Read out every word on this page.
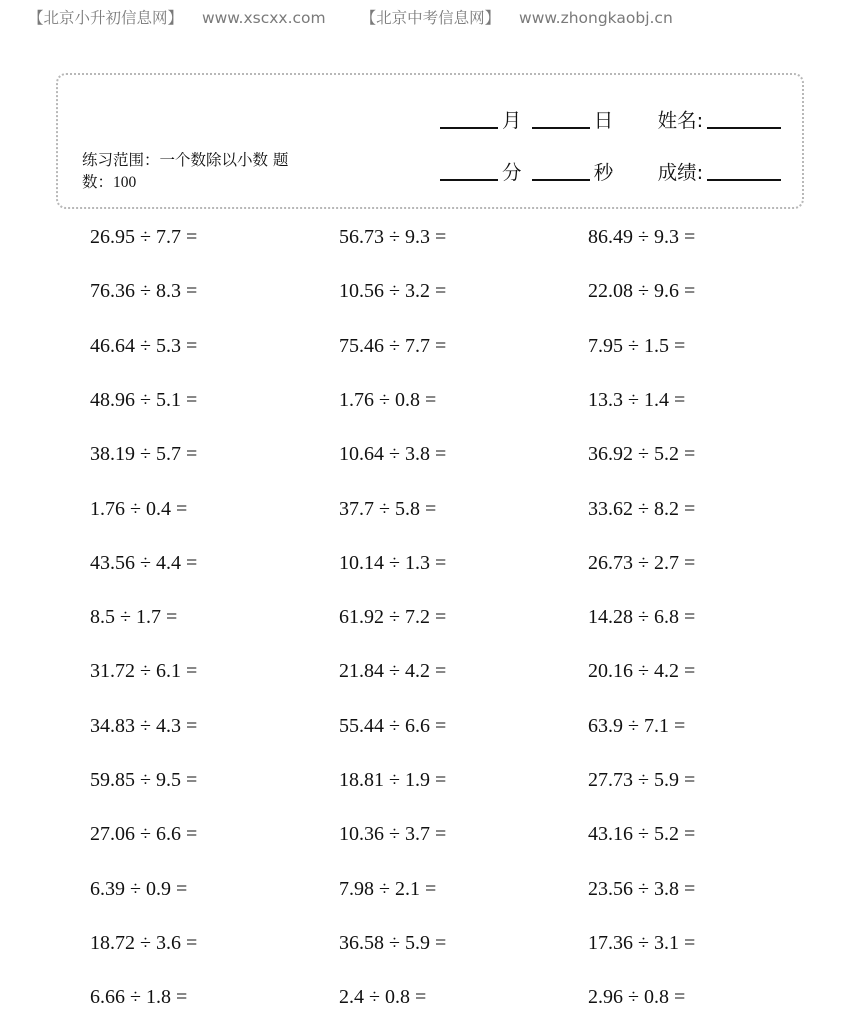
【北京小升初信息网】 www.xscxx.com 【北京中考信息网】 www.zhongkaobj.cn
练习范围：一个数除以小数 题
数：100
月	日 姓名:
分	秒 成绩:
26.95 ÷ 7.7 =	56.73 ÷ 9.3 =	86.49 ÷ 9.3 =
76.36 ÷ 8.3 =	10.56 ÷ 3.2 =	22.08 ÷ 9.6 =
46.64 ÷ 5.3 =	75.46 ÷ 7.7 =	7.95 ÷ 1.5 =
48.96 ÷ 5.1 =	1.76 ÷ 0.8 =	13.3 ÷ 1.4 =
38.19 ÷ 5.7 =	10.64 ÷ 3.8 =	36.92 ÷ 5.2 =
1.76 ÷ 0.4 =	37.7 ÷ 5.8 =	33.62 ÷ 8.2 =
43.56 ÷ 4.4 =	10.14 ÷ 1.3 =	26.73 ÷ 2.7 =
8.5 ÷ 1.7 =	61.92 ÷ 7.2 =	14.28 ÷ 6.8 =
31.72 ÷ 6.1 =	21.84 ÷ 4.2 =	20.16 ÷ 4.2 =
34.83 ÷ 4.3 =	55.44 ÷ 6.6 =	63.9 ÷ 7.1 =
59.85 ÷ 9.5 =	18.81 ÷ 1.9 =	27.73 ÷ 5.9 =
27.06 ÷ 6.6 =	10.36 ÷ 3.7 =	43.16 ÷ 5.2 =
6.39 ÷ 0.9 =	7.98 ÷ 2.1 =	23.56 ÷ 3.8 =
18.72 ÷ 3.6 =	36.58 ÷ 5.9 =	17.36 ÷ 3.1 =
6.66 ÷ 1.8 =	2.4 ÷ 0.8 =	2.96 ÷ 0.8 =
